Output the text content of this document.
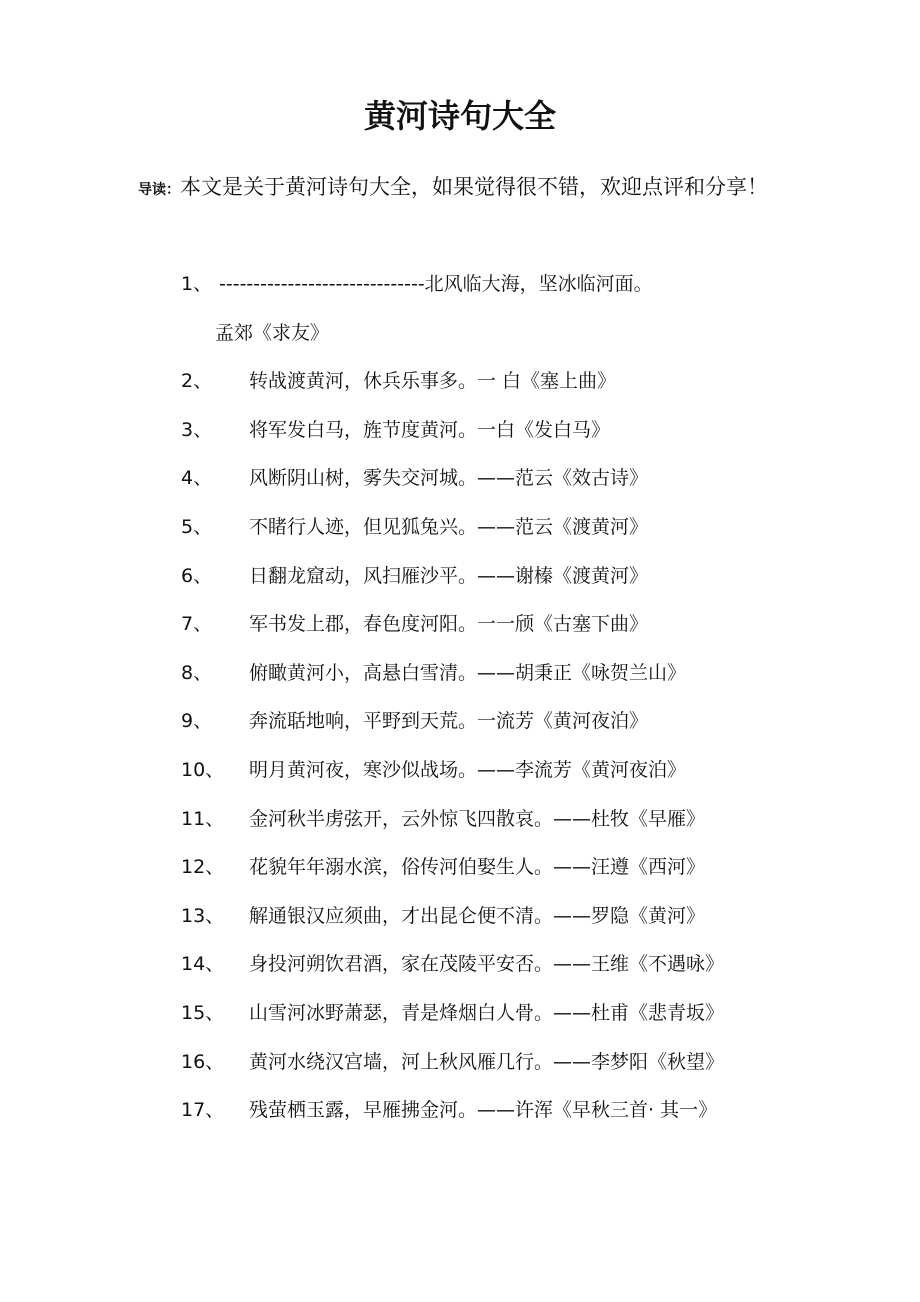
黄河诗句大全
导读：本文是关于黄河诗句大全，如果觉得很不错，欢迎点评和分享！
1、 ------------------------------北风临大海，坚冰临河面。
孟郊《求友》
2、 转战渡黄河，休兵乐事多。一 白《塞上曲》
3、 将军发白马，旌节度黄河。一白《发白马》
4、 风断阴山树，雾失交河城。——范云《效古诗》
5、 不睹行人迹，但见狐兔兴。——范云《渡黄河》
6、 日翻龙窟动，风扫雁沙平。——谢榛《渡黄河》
7、 军书发上郡，春色度河阳。一一颀《古塞下曲》
8、 俯瞰黄河小，高悬白雪清。——胡秉正《咏贺兰山》
9、 奔流聒地响，平野到天荒。一流芳《黄河夜泊》
10、 明月黄河夜，寒沙似战场。——李流芳《黄河夜泊》
11、 金河秋半虏弦开，云外惊飞四散哀。——杜牧《早雁》
12、 花貌年年溺水滨，俗传河伯娶生人。——汪遵《西河》
13、 解通银汉应须曲，才出昆仑便不清。——罗隐《黄河》
14、 身投河朔饮君酒，家在茂陵平安否。——王维《不遇咏》
15、 山雪河冰野萧瑟，青是烽烟白人骨。——杜甫《悲青坂》
16、 黄河水绕汉宫墙，河上秋风雁几行。——李梦阳《秋望》
17、 残萤栖玉露，早雁拂金河。——许浑《早秋三首· 其一》
